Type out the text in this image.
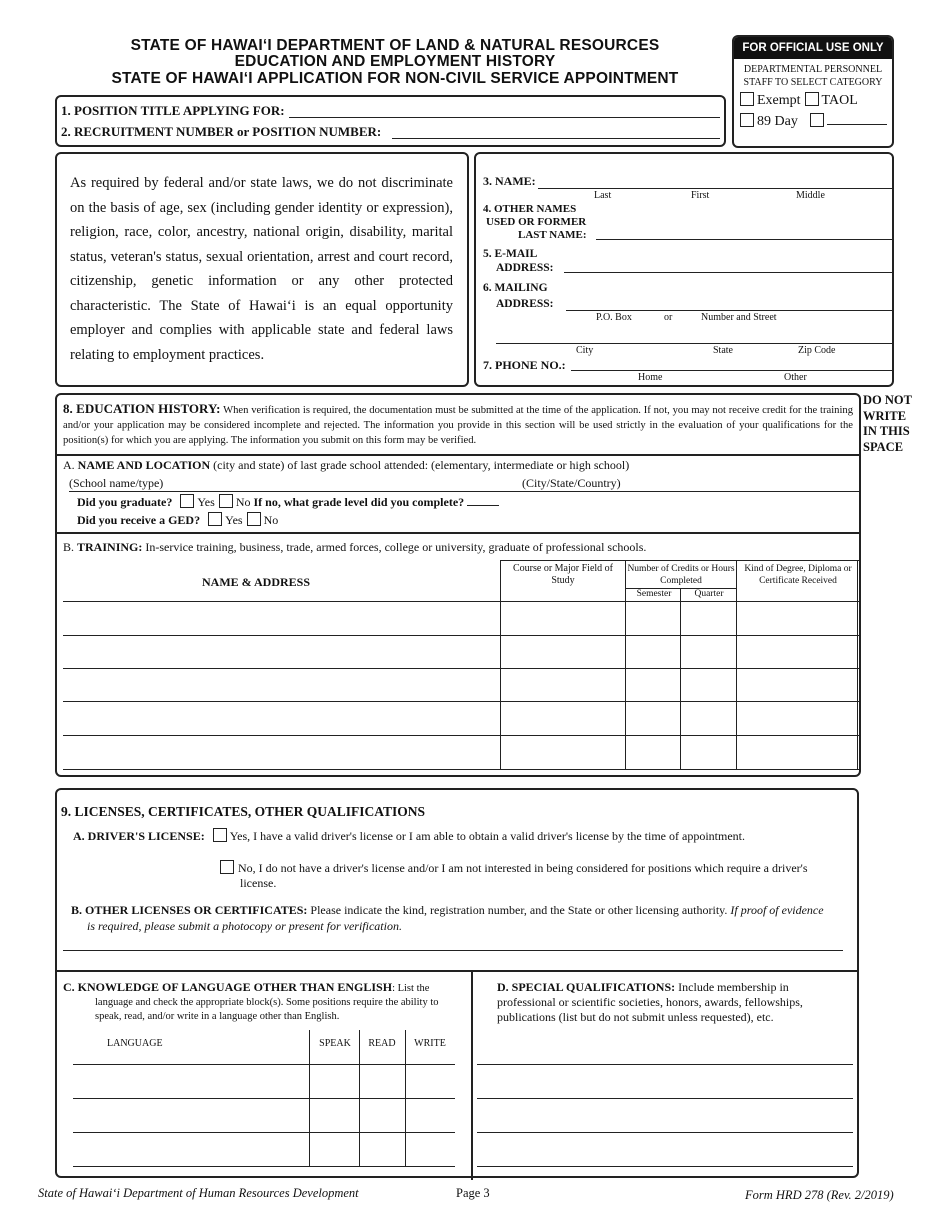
STATE OF HAWAIʻI DEPARTMENT OF LAND & NATURAL RESOURCES
EDUCATION AND EMPLOYMENT HISTORY
STATE OF HAWAIʻI APPLICATION FOR NON-CIVIL SERVICE APPOINTMENT
FOR OFFICIAL USE ONLY
DEPARTMENTAL PERSONNEL
STAFF TO SELECT CATEGORY
Exempt TAOL
89 Day
1. POSITION TITLE APPLYING FOR:
2. RECRUITMENT NUMBER or POSITION NUMBER:
As required by federal and/or state laws, we do not discriminate on the basis of age, sex (including gender identity or expression), religion, race, color, ancestry, national origin, disability, marital status, veteran's status, sexual orientation, arrest and court record, citizenship, genetic information or any other protected characteristic. The State of Hawaiʻi is an equal opportunity employer and complies with applicable state and federal laws relating to employment practices.
3. NAME:
Last	First	Middle
4. OTHER NAMES
USED OR FORMER
LAST NAME:
5. E-MAIL
ADDRESS:
6. MAILING
ADDRESS:
P.O. Box	or	Number and Street
City	State	Zip Code
7. PHONE NO.:
Home	Other
8. EDUCATION HISTORY: When verification is required, the documentation must be submitted at the time of the application. If not, you may not receive credit for the training and/or your application may be considered incomplete and rejected. The information you provide in this section will be used strictly in the evaluation of your qualifications for the position(s) for which you are applying. The information you submit on this form may be verified.
A. NAME AND LOCATION (city and state) of last grade school attended: (elementary, intermediate or high school)
(School name/type)	(City/State/Country)
Did you graduate? Yes No If no, what grade level did you complete?
Did you receive a GED? Yes No
B. TRAINING: In-service training, business, trade, armed forces, college or university, graduate of professional schools.
NAME & ADDRESS
Course or Major Field of Study
Number of Credits or Hours Completed
Semester	Quarter
Kind of Degree, Diploma or Certificate Received
DO NOT WRITE IN THIS SPACE
9. LICENSES, CERTIFICATES, OTHER QUALIFICATIONS
A. DRIVER'S LICENSE: Yes, I have a valid driver's license or I am able to obtain a valid driver's license by the time of appointment.
No, I do not have a driver's license and/or I am not interested in being considered for positions which require a driver's license.
B. OTHER LICENSES OR CERTIFICATES: Please indicate the kind, registration number, and the State or other licensing authority. If proof of evidence is required, please submit a photocopy or present for verification.
C. KNOWLEDGE OF LANGUAGE OTHER THAN ENGLISH: List the language and check the appropriate block(s). Some positions require the ability to speak, read, and/or write in a language other than English.
LANGUAGE	SPEAK	READ	WRITE
D. SPECIAL QUALIFICATIONS: Include membership in professional or scientific societies, honors, awards, fellowships, publications (list but do not submit unless requested), etc.
State of Hawaiʻi Department of Human Resources Development	Page 3	Form HRD 278 (Rev. 2/2019)
